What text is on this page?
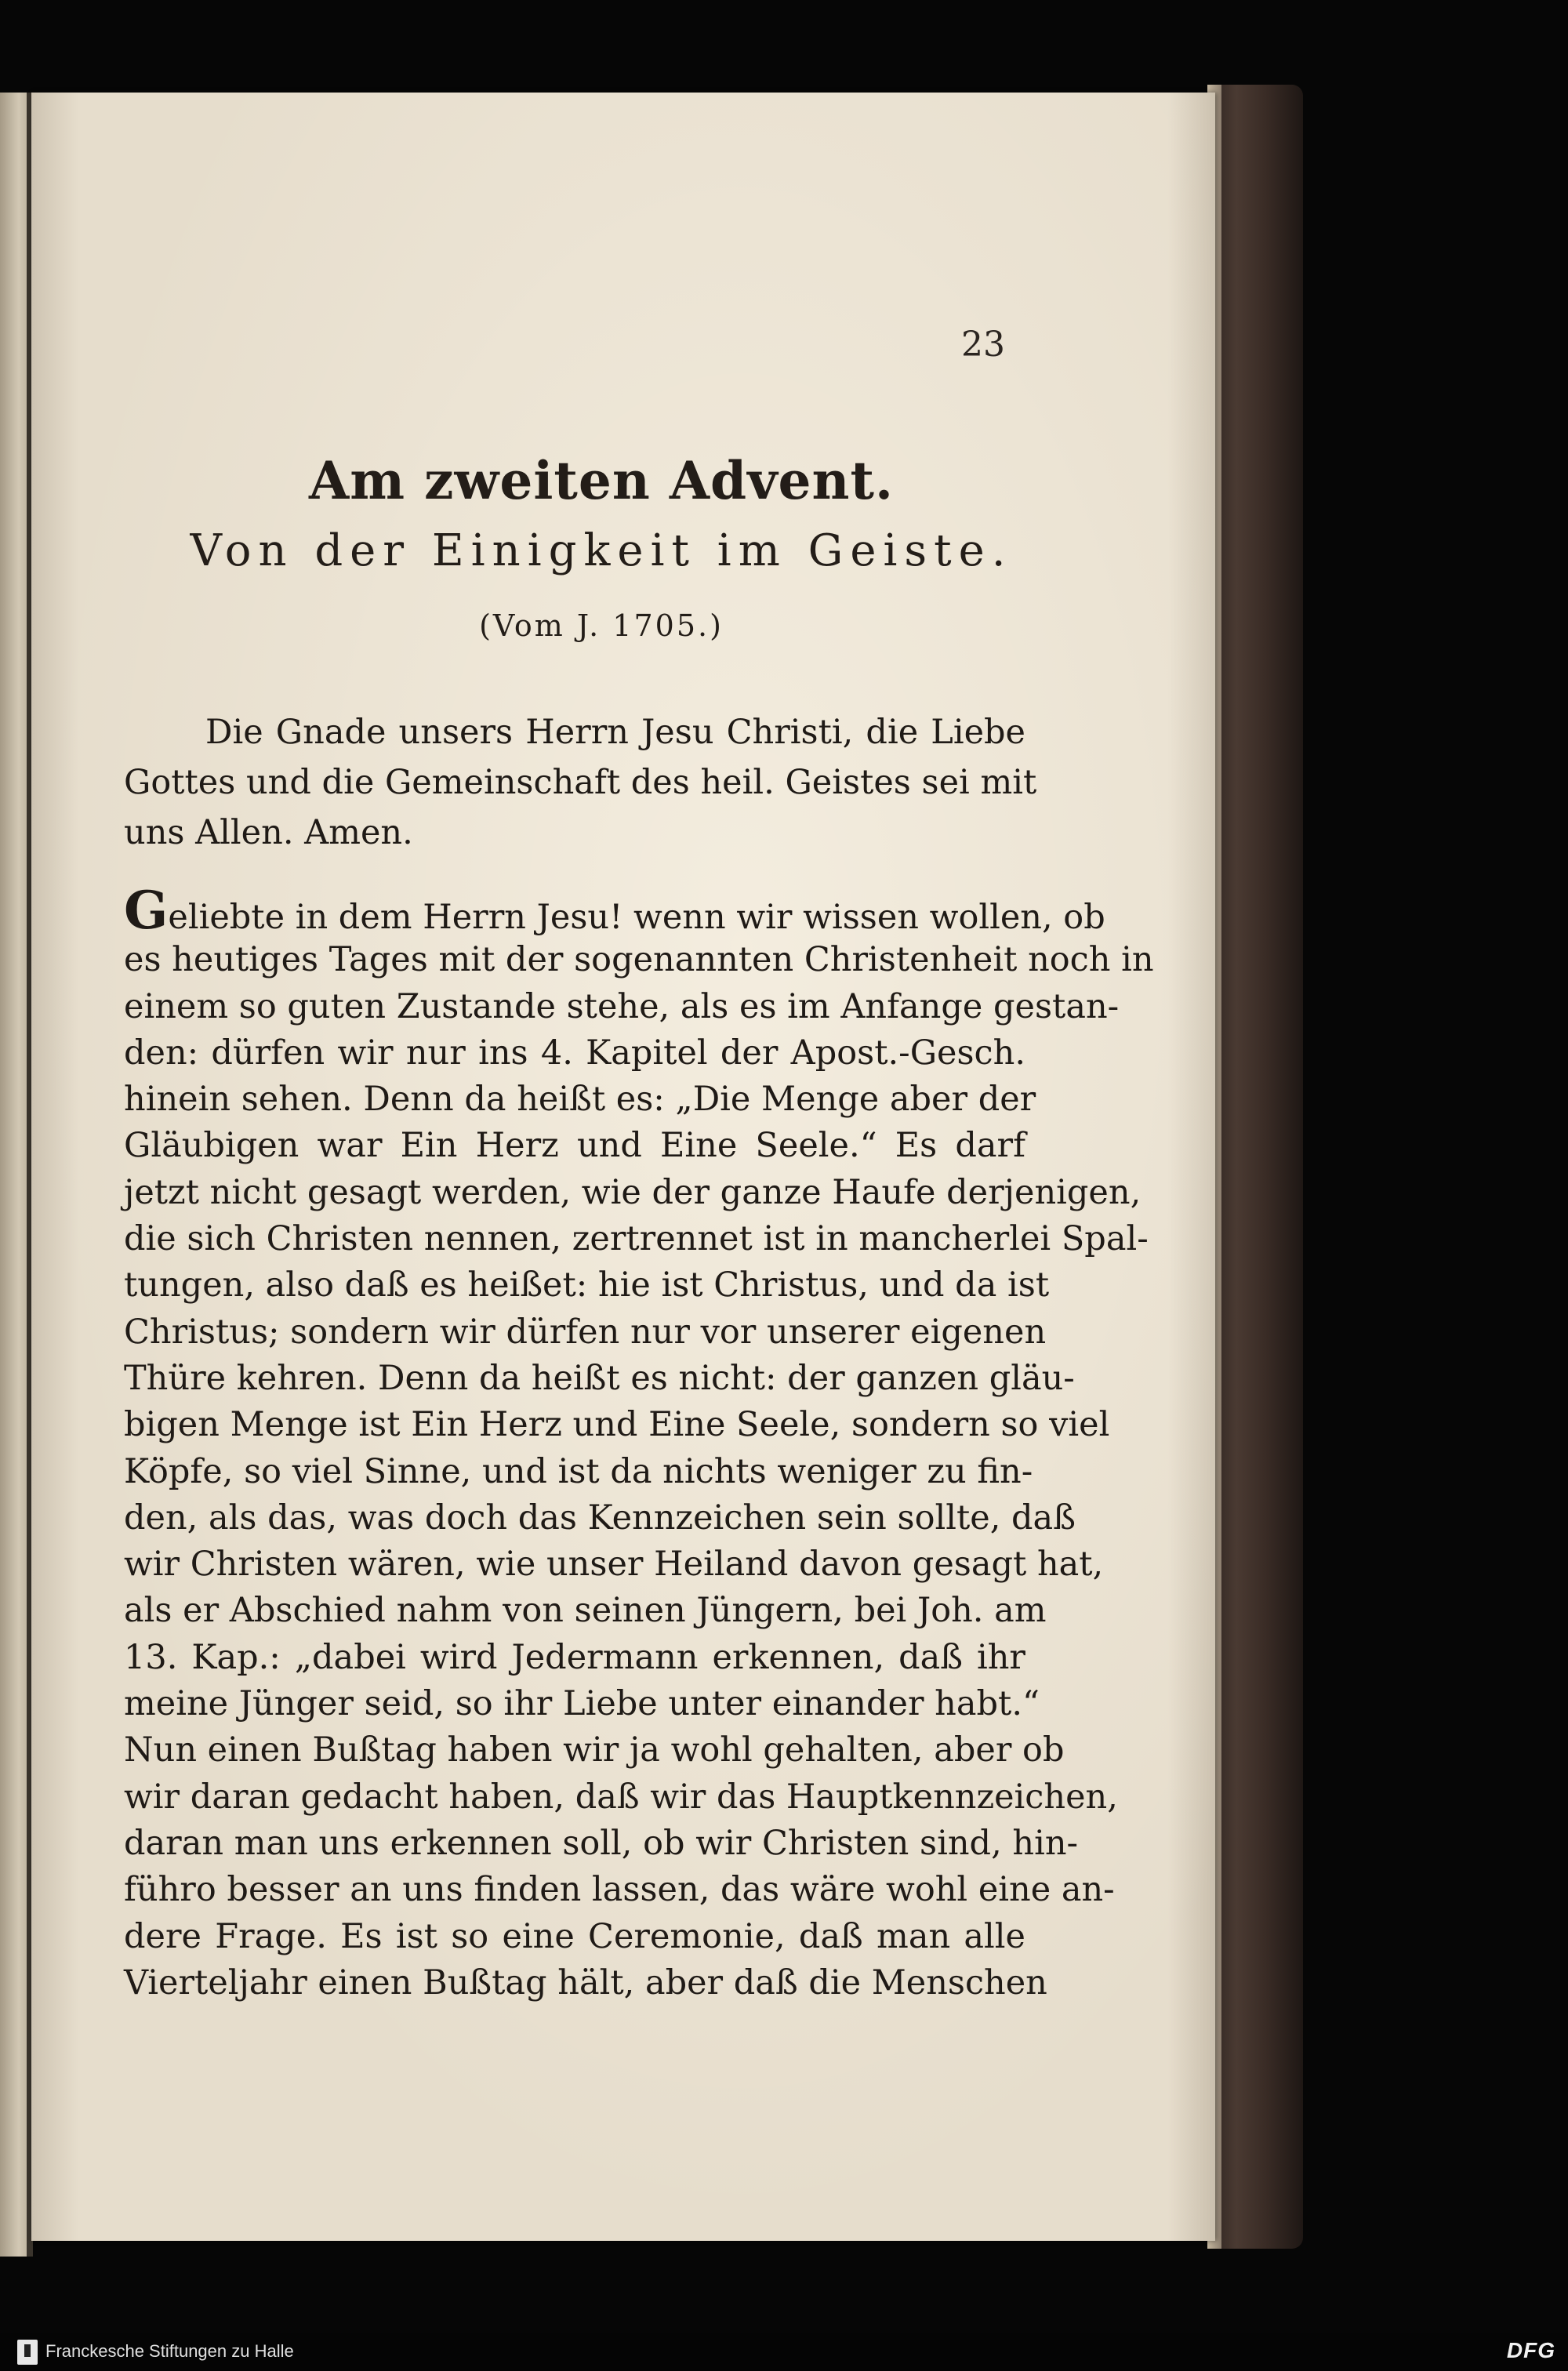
23
Am zweiten Advent.
Von der Einigkeit im Geiste.
(Vom J. 1705.)
Die Gnade unsers Herrn Jesu Christi, die Liebe
Gottes und die Gemeinschaft des heil. Geistes sei mit
uns Allen. Amen.
Geliebte in dem Herrn Jesu! wenn wir wissen wollen, ob
es heutiges Tages mit der sogenannten Christenheit noch in
einem so guten Zustande stehe, als es im Anfange gestan-
den: dürfen wir nur ins 4. Kapitel der Apost.-Gesch.
hinein sehen. Denn da heißt es: „Die Menge aber der
Gläubigen war Ein Herz und Eine Seele.“ Es darf
jetzt nicht gesagt werden, wie der ganze Haufe derjenigen,
die sich Christen nennen, zertrennet ist in mancherlei Spal-
tungen, also daß es heißet: hie ist Christus, und da ist
Christus; sondern wir dürfen nur vor unserer eigenen
Thüre kehren. Denn da heißt es nicht: der ganzen gläu-
bigen Menge ist Ein Herz und Eine Seele, sondern so viel
Köpfe, so viel Sinne, und ist da nichts weniger zu fin-
den, als das, was doch das Kennzeichen sein sollte, daß
wir Christen wären, wie unser Heiland davon gesagt hat,
als er Abschied nahm von seinen Jüngern, bei Joh. am
13. Kap.: „dabei wird Jedermann erkennen, daß ihr
meine Jünger seid, so ihr Liebe unter einander habt.“
Nun einen Bußtag haben wir ja wohl gehalten, aber ob
wir daran gedacht haben, daß wir das Hauptkennzeichen,
daran man uns erkennen soll, ob wir Christen sind, hin-
führo besser an uns finden lassen, das wäre wohl eine an-
dere Frage. Es ist so eine Ceremonie, daß man alle
Vierteljahr einen Bußtag hält, aber daß die Menschen
Franckesche Stiftungen zu Halle	DFG
